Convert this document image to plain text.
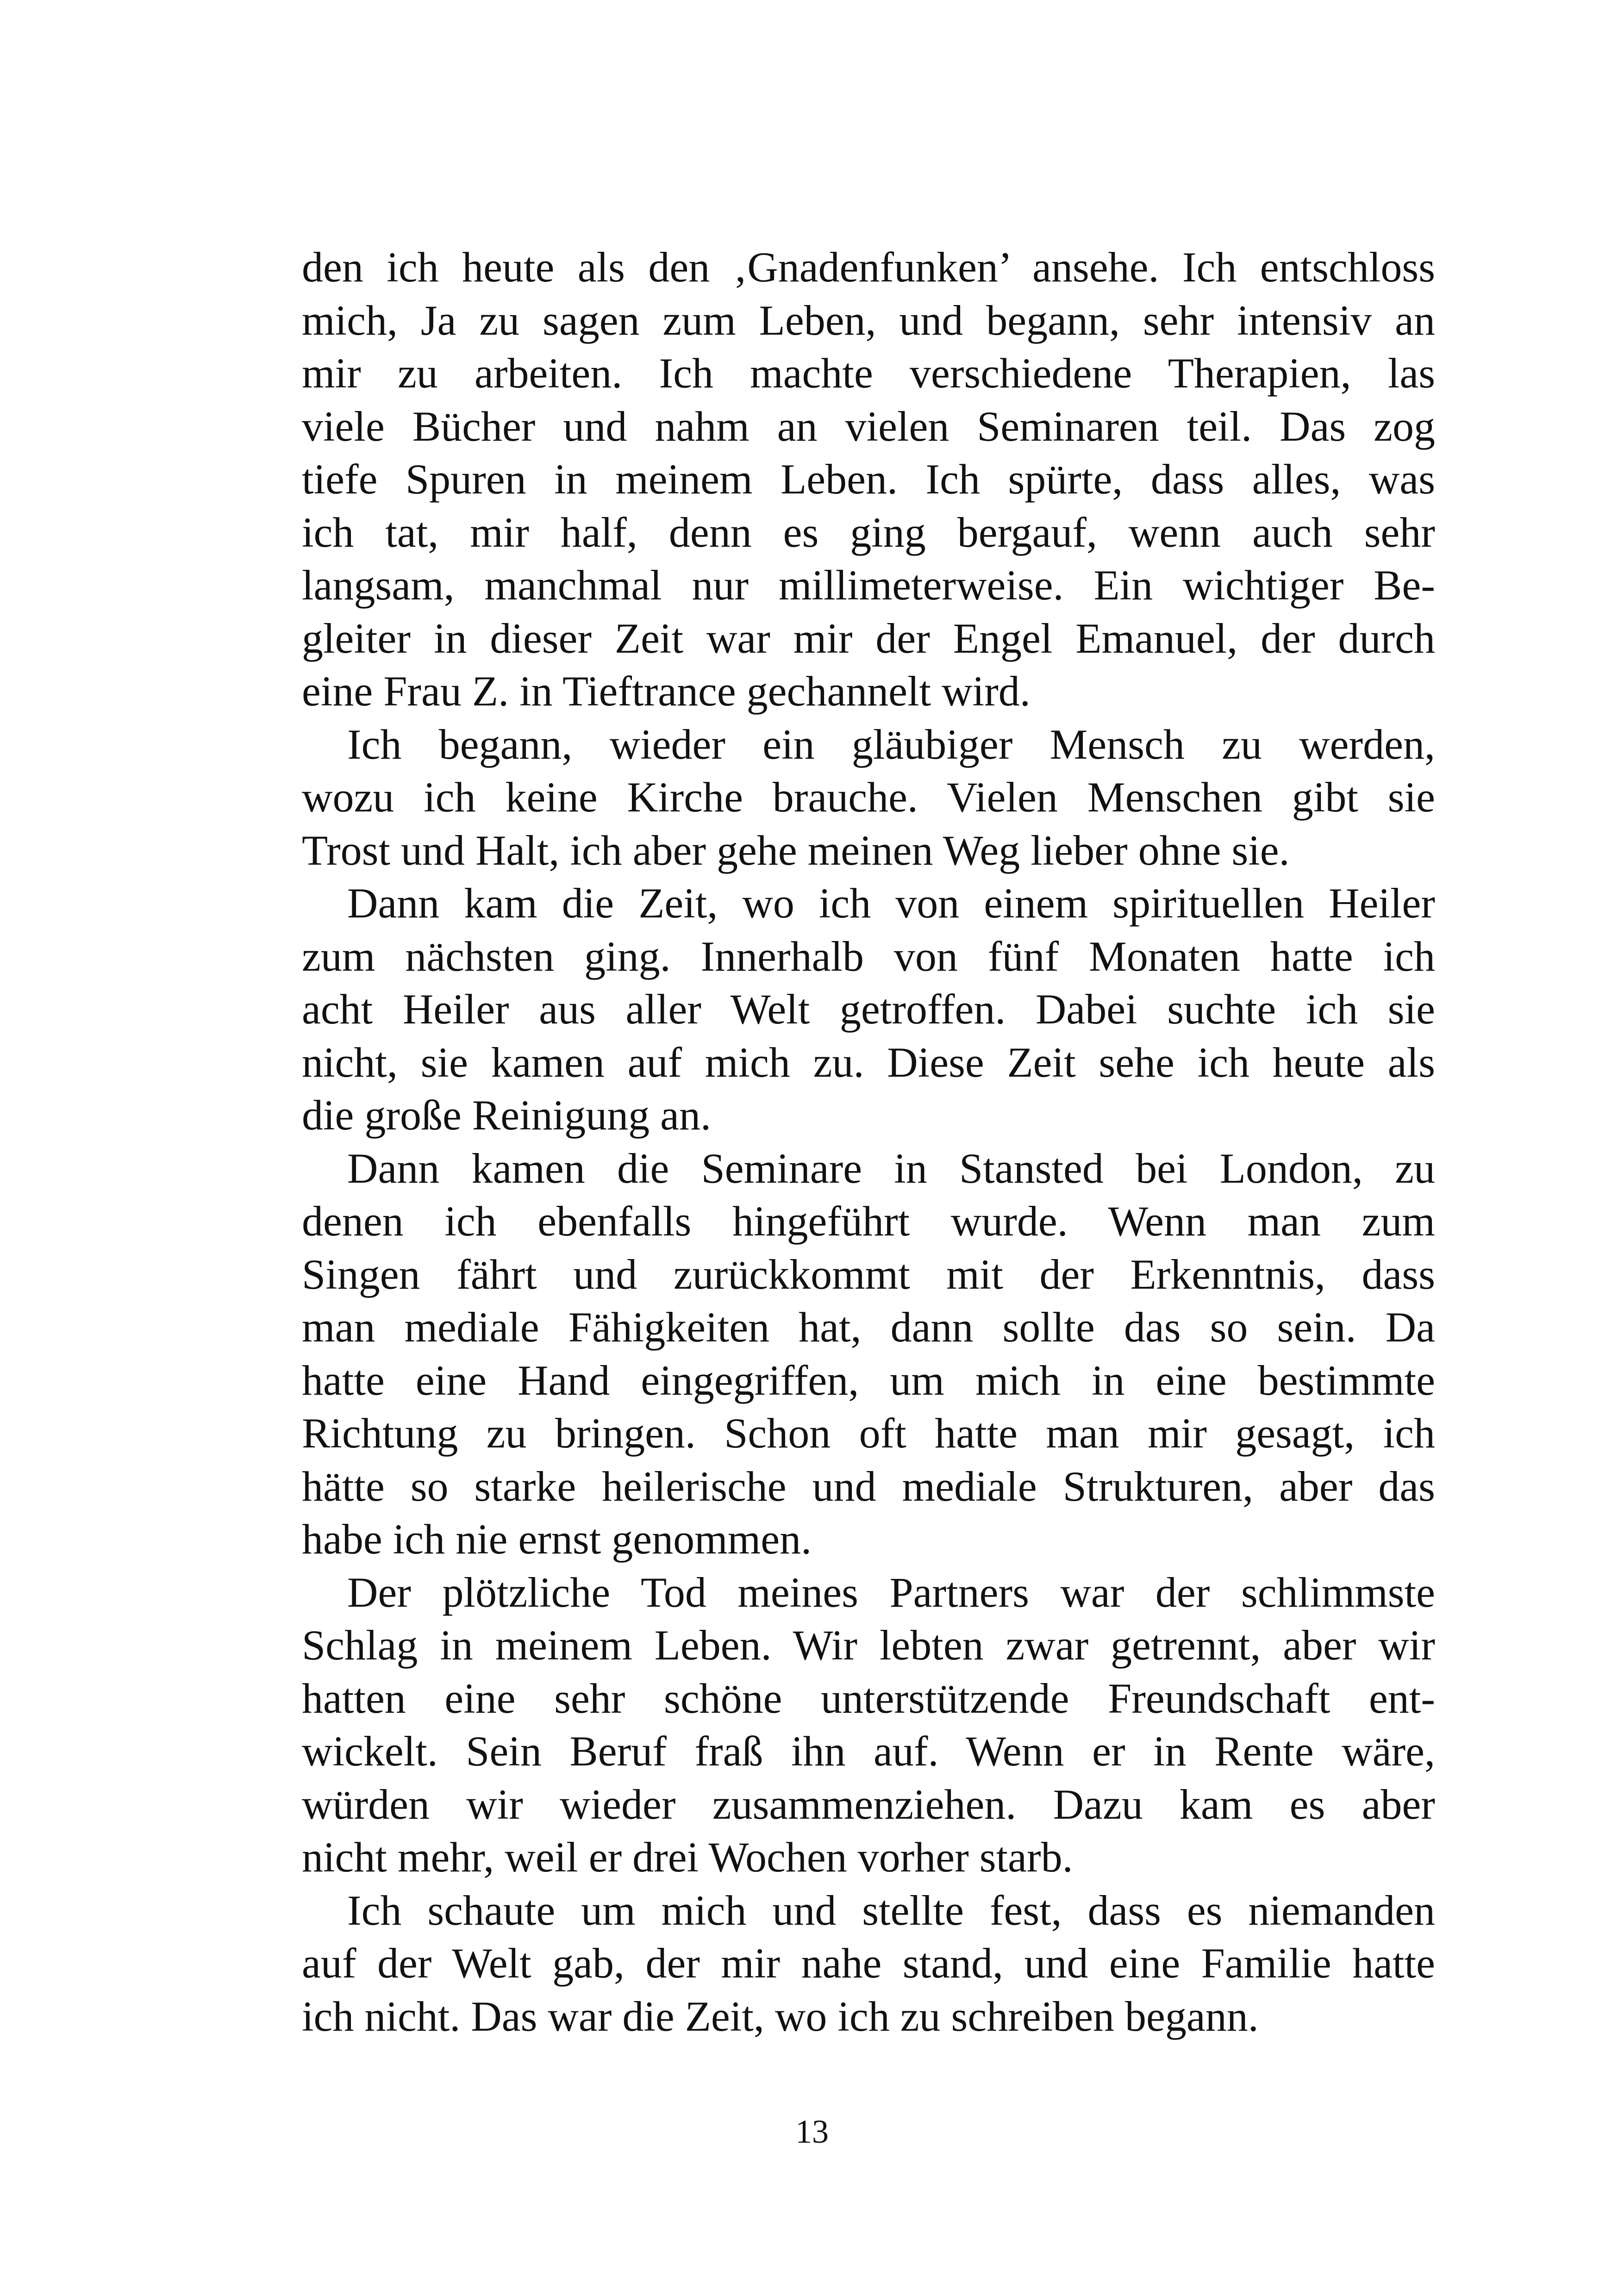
den ich heute als den ‚Gnadenfunken’ ansehe. Ich entschloss
mich, Ja zu sagen zum Leben, und begann, sehr intensiv an
mir zu arbeiten. Ich machte verschiedene Therapien, las
viele Bücher und nahm an vielen Seminaren teil. Das zog
tiefe Spuren in meinem Leben. Ich spürte, dass alles, was
ich tat, mir half, denn es ging bergauf, wenn auch sehr
langsam, manchmal nur millimeterweise. Ein wichtiger Be-
gleiter in dieser Zeit war mir der Engel Emanuel, der durch
eine Frau Z. in Tieftrance gechannelt wird.
Ich begann, wieder ein gläubiger Mensch zu werden,
wozu ich keine Kirche brauche. Vielen Menschen gibt sie
Trost und Halt, ich aber gehe meinen Weg lieber ohne sie.
Dann kam die Zeit, wo ich von einem spirituellen Heiler
zum nächsten ging. Innerhalb von fünf Monaten hatte ich
acht Heiler aus aller Welt getroffen. Dabei suchte ich sie
nicht, sie kamen auf mich zu. Diese Zeit sehe ich heute als
die große Reinigung an.
Dann kamen die Seminare in Stansted bei London, zu
denen ich ebenfalls hingeführt wurde. Wenn man zum
Singen fährt und zurückkommt mit der Erkenntnis, dass
man mediale Fähigkeiten hat, dann sollte das so sein. Da
hatte eine Hand eingegriffen, um mich in eine bestimmte
Richtung zu bringen. Schon oft hatte man mir gesagt, ich
hätte so starke heilerische und mediale Strukturen, aber das
habe ich nie ernst genommen.
Der plötzliche Tod meines Partners war der schlimmste
Schlag in meinem Leben. Wir lebten zwar getrennt, aber wir
hatten eine sehr schöne unterstützende Freundschaft ent-
wickelt. Sein Beruf fraß ihn auf. Wenn er in Rente wäre,
würden wir wieder zusammenziehen. Dazu kam es aber
nicht mehr, weil er drei Wochen vorher starb.
Ich schaute um mich und stellte fest, dass es niemanden
auf der Welt gab, der mir nahe stand, und eine Familie hatte
ich nicht. Das war die Zeit, wo ich zu schreiben begann.
13
